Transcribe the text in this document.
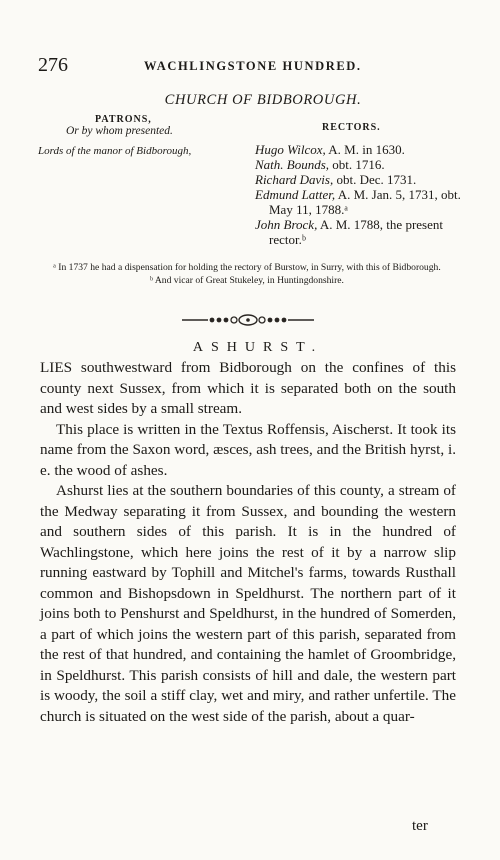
276	WACHLINGSTONE HUNDRED.
CHURCH OF BIDBOROUGH.
PATRONS,
Or by whom presented.	RECTORS.
Lords of the manor of Bidborough,	Hugo Wilcox, A. M. in 1630.
Nath. Bounds, obt. 1716.
Richard Davis, obt. Dec. 1731.
Edmund Latter, A. M. Jan. 5, 1731, obt. May 11, 1788.ᵃ
John Brock, A. M. 1788, the present rector.ᵇ
ᵃ In 1737 he had a dispensation for holding the rectory of Burstow, in Surry, with this of Bidborough.
ᵇ And vicar of Great Stukeley, in Huntingdonshire.
ASHURST.

LIES southwestward from Bidborough on the confines of this county next Sussex, from which it is separated both on the south and west sides by a small stream.

This place is written in the Textus Roffensis, Aischerst. It took its name from the Saxon word, æsces, ash trees, and the British hyrst, i. e. the wood of ashes.

Ashurst lies at the southern boundaries of this county, a stream of the Medway separating it from Sussex, and bounding the western and southern sides of this parish. It is in the hundred of Wachlingstone, which here joins the rest of it by a narrow slip running eastward by Tophill and Mitchel's farms, towards Rusthall common and Bishopsdown in Speldhurst. The northern part of it joins both to Penshurst and Speldhurst, in the hundred of Somerden, a part of which joins the western part of this parish, separated from the rest of that hundred, and containing the hamlet of Groombridge, in Speldhurst. This parish consists of hill and dale, the western part is woody, the soil a stiff clay, wet and miry, and rather unfertile. The church is situated on the west side of the parish, about a quar-

ter
